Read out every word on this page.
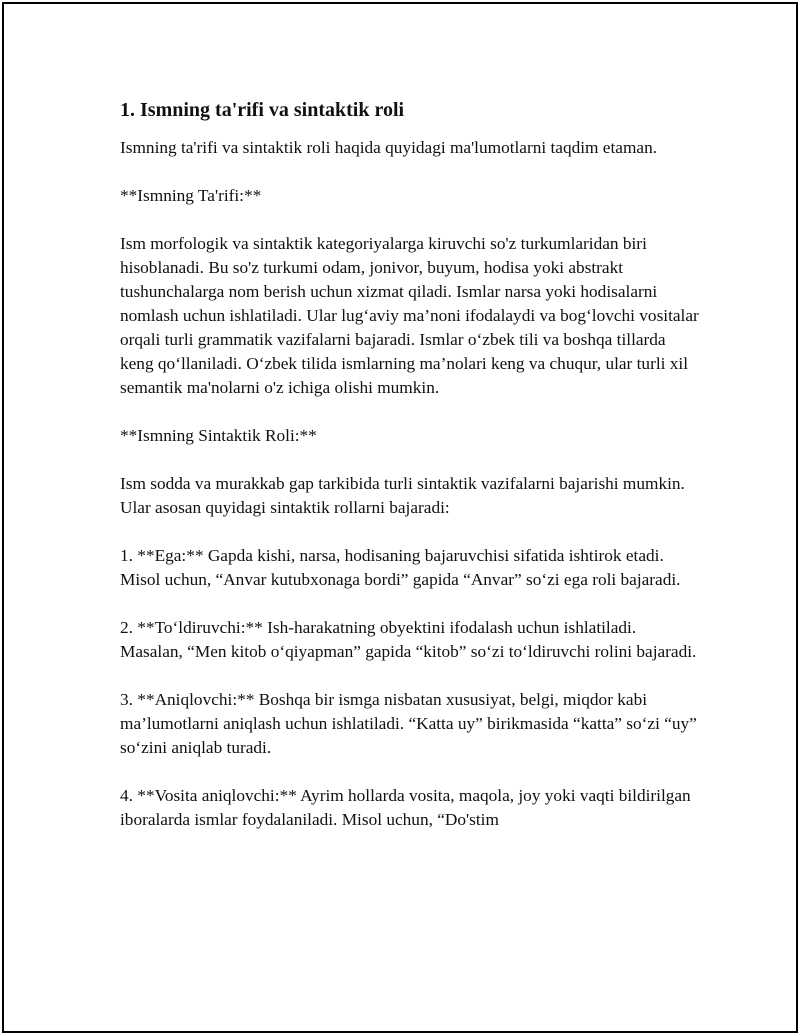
1. Ismning ta'rifi va sintaktik roli
Ismning ta'rifi va sintaktik roli haqida quyidagi ma'lumotlarni taqdim etaman.
**Ismning Ta'rifi:**
Ism morfologik va sintaktik kategoriyalarga kiruvchi so'z turkumlaridan biri hisoblanadi. Bu so'z turkumi odam, jonivor, buyum, hodisa yoki abstrakt tushunchalarga nom berish uchun xizmat qiladi. Ismlar narsa yoki hodisalarni nomlash uchun ishlatiladi. Ular lug‘aviy ma’noni ifodalaydi va bog‘lovchi vositalar orqali turli grammatik vazifalarni bajaradi. Ismlar o‘zbek tili va boshqa tillarda keng qo‘llaniladi. O‘zbek tilida ismlarning ma’nolari keng va chuqur, ular turli xil semantik ma'nolarni o'z ichiga olishi mumkin.
**Ismning Sintaktik Roli:**
Ism sodda va murakkab gap tarkibida turli sintaktik vazifalarni bajarishi mumkin. Ular asosan quyidagi sintaktik rollarni bajaradi:
1. **Ega:** Gapda kishi, narsa, hodisaning bajaruvchisi sifatida ishtirok etadi. Misol uchun, “Anvar kutubxonaga bordi” gapida “Anvar” so‘zi ega roli bajaradi.
2. **To‘ldiruvchi:** Ish-harakatning obyektini ifodalash uchun ishlatiladi. Masalan, “Men kitob o‘qiyapman” gapida “kitob” so‘zi to‘ldiruvchi rolini bajaradi.
3. **Aniqlovchi:** Boshqa bir ismga nisbatan xususiyat, belgi, miqdor kabi ma’lumotlarni aniqlash uchun ishlatiladi. “Katta uy” birikmasida “katta” so‘zi “uy” so‘zini aniqlab turadi.
4. **Vosita aniqlovchi:** Ayrim hollarda vosita, maqola, joy yoki vaqti bildirilgan iboralarda ismlar foydalaniladi. Misol uchun, “Do'stim
